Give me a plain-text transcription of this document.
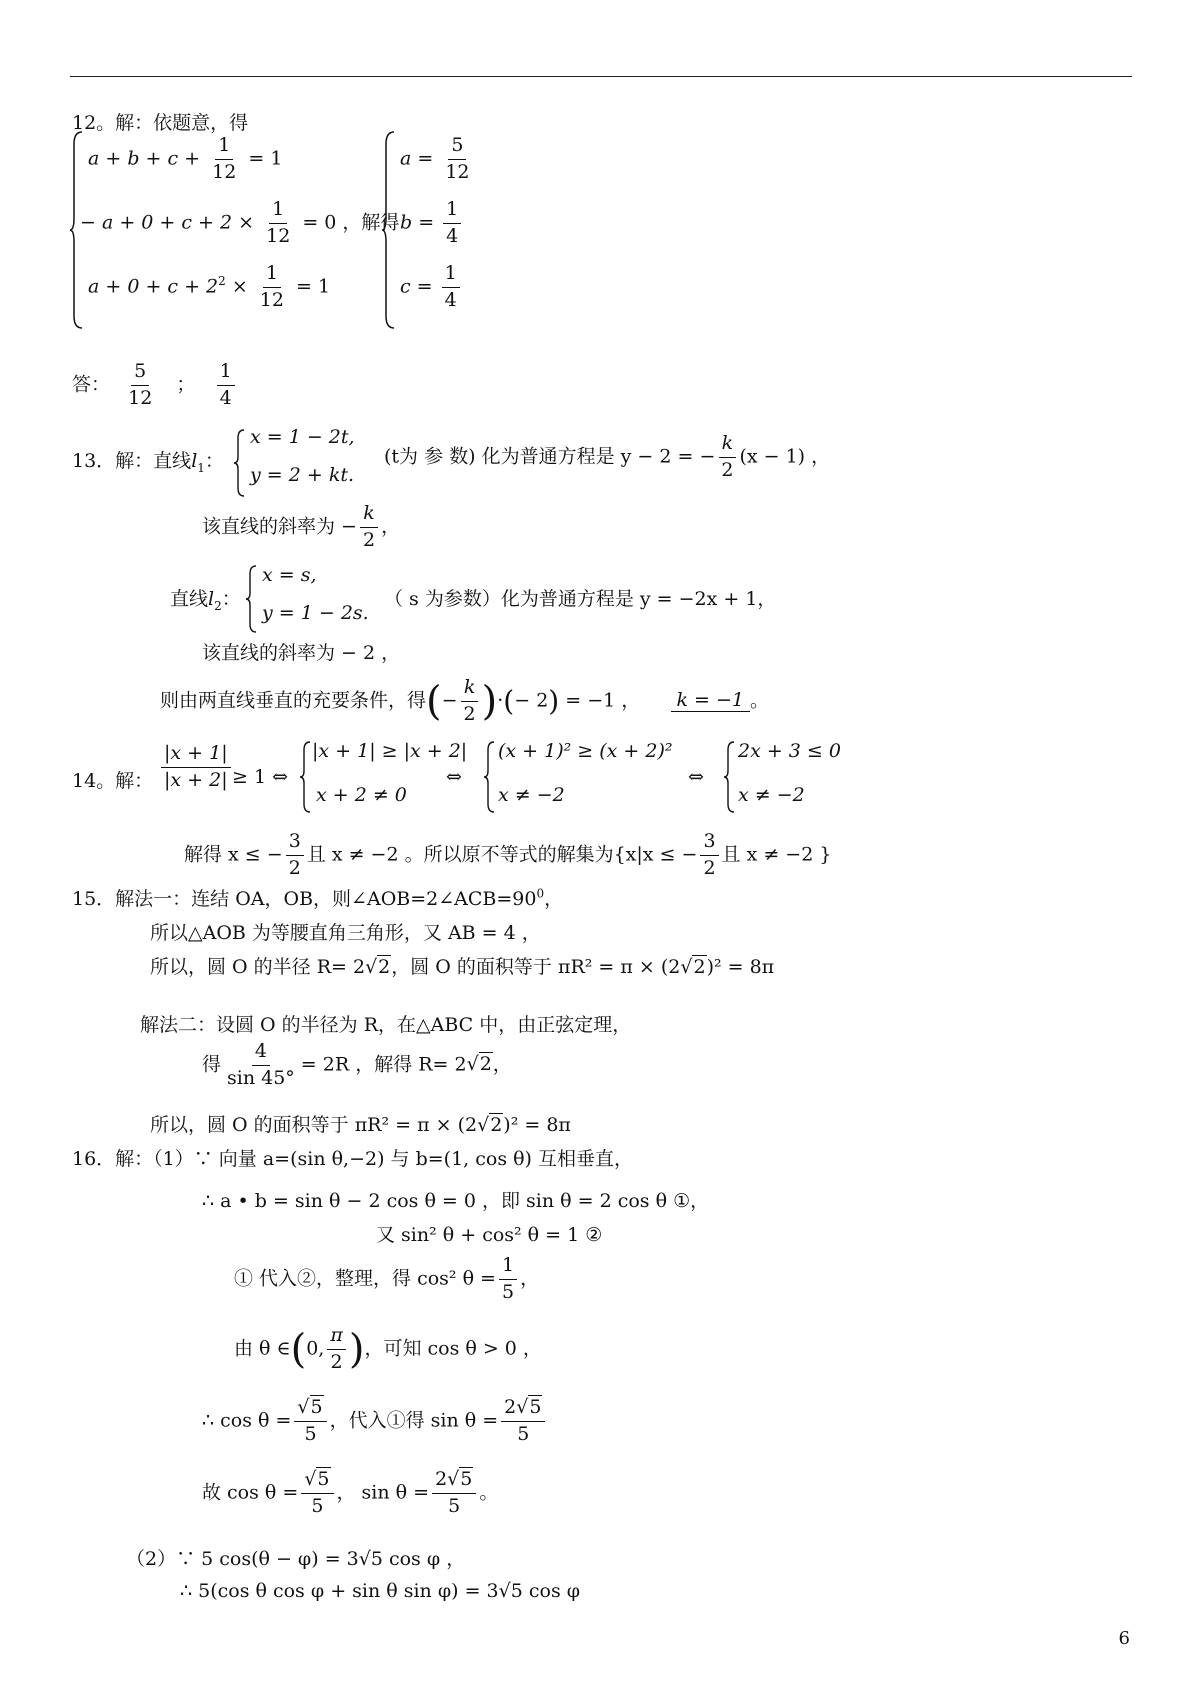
12。解：依题意，得
$a + b + c + \frac{1}{12} = 1$
− $a + 0 + c + 2 \times \frac{1}{12} = 0$ ，解得
$a + 0 + c + 2^2 \times \frac{1}{12} = 1$
$a = \frac{5}{12}$
$b = \frac{1}{4}$
$c = \frac{1}{4}$
答： $\frac{5}{12}$ ； $\frac{1}{4}$
13．解：直线$l_1$：
x = 1 − 2t,
y = 2 + kt.
(t为 参 数) 化为普通方程是 y − 2 = − $\frac{k}{2} (x - 1)$ ，
该直线的斜率为 − $\frac{k}{2}$ ，
直线$l_2$：
x = s,
y = 1 − 2s.
（ s 为参数）化为普通方程是 y = −2x + 1，
该直线的斜率为 − 2 ，
则由两直线垂直的充要条件，得(− $\frac{k}{2}$ )·(− 2) = −1 ， k = −1 。
14。解： $\frac{|x + 1|}{|x + 2|} \ge 1$ ⇔
|x + 1| ≥ |x + 2|
x + 2 ≠ 0
⇔
(x + 1)² ≥ (x + 2)²
x ≠ −2
⇔
2x + 3 ≤ 0
x ≠ −2
解得 x ≤ − $\frac{3}{2}$ 且 x ≠ −2 。所以原不等式的解集为{x|x ≤ − $\frac{3}{2}$ 且 x ≠ −2 }
15．解法一：连结 OA，OB，则$\angle AOB=2\angle ACB=90^0$，
所以△AOB 为等腰直角三角形，又 AB = 4 ，
所以，圆 O 的半径 R= 2√2，圆 O 的面积等于 πR² = π × (2√2)² = 8π
解法二：设圆 O 的半径为 R，在△ABC 中，由正弦定理，
得 $\frac{4}{\sin 45^\circ} = 2R$ ，解得 R= 2√2，
所以，圆 O 的面积等于 πR² = π × (2√2)² = 8π
16．解：（1）∵ 向量 a=(sin θ,−2) 与 b=(1, cos θ) 互相垂直，
∴ a • b = sin θ − 2 cos θ = 0 ，即 sin θ = 2 cos θ ①，
又 sin² θ + cos² θ = 1 ②
① 代入②，整理，得 cos² $\theta = \frac{1}{5}$ ，
由 θ ∈(0, $\frac{\pi}{2}$ )，可知 cos θ > 0 ，
∴ $\cos \theta = \frac{√5}{5}$ ，代入①得 $\sin \theta = \frac{2√5}{5}$
故 $\cos \theta = \frac{√5}{5}$ ， $\sin \theta = \frac{2√5}{5}$ 。
（2）∵ 5 cos(θ − φ) = 3√5 cos φ ，
∴ 5(cos θ cos φ + sin θ sin φ) = 3√5 cos φ
6
